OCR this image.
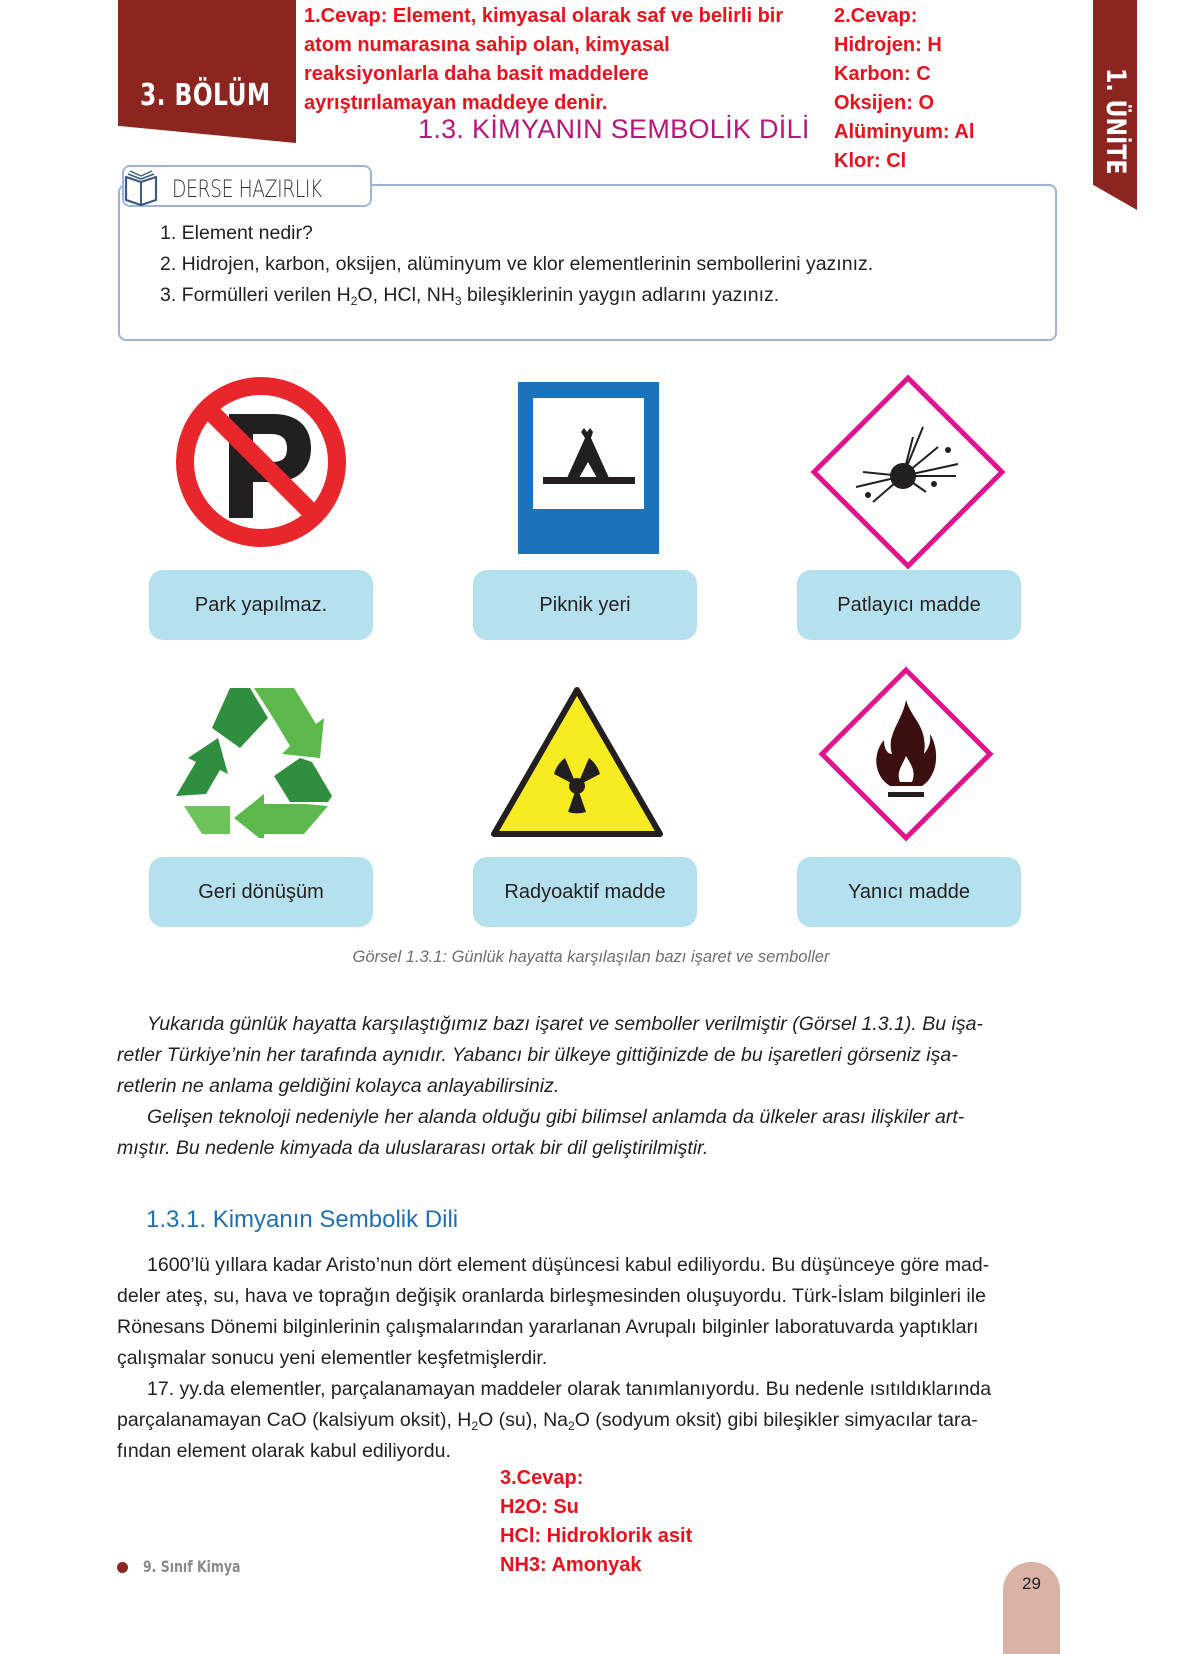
3. BÖLÜM	1. ÜNİTE
1.Cevap: Element, kimyasal olarak saf ve belirli bir
atom numarasına sahip olan, kimyasal
reaksiyonlarla daha basit maddelere
ayrıştırılamayan maddeye denir.
2.Cevap:
Hidrojen: H
Karbon: C
Oksijen: O
Alüminyum: Al
Klor: Cl
1.3. KİMYANIN SEMBOLİK DİLİ
DERSE HAZIRLIK
1. Element nedir?
2. Hidrojen, karbon, oksijen, alüminyum ve klor elementlerinin sembollerini yazınız.
3. Formülleri verilen $H_2O$, HCl, $NH_3$ bileşiklerinin yaygın adlarını yazınız.
Park yapılmaz.	Piknik yeri	Patlayıcı madde
Geri dönüşüm	Radyoaktif madde	Yanıcı madde
Görsel 1.3.1: Günlük hayatta karşılaşılan bazı işaret ve semboller
Yukarıda günlük hayatta karşılaştığımız bazı işaret ve semboller verilmiştir (Görsel 1.3.1). Bu işa-
retler Türkiye’nin her tarafında aynıdır. Yabancı bir ülkeye gittiğinizde de bu işaretleri görseniz işa-
retlerin ne anlama geldiğini kolayca anlayabilirsiniz.
Gelişen teknoloji nedeniyle her alanda olduğu gibi bilimsel anlamda da ülkeler arası ilişkiler art-
mıştır. Bu nedenle kimyada da uluslararası ortak bir dil geliştirilmiştir.
1.3.1. Kimyanın Sembolik Dili
1600’lü yıllara kadar Aristo’nun dört element düşüncesi kabul ediliyordu. Bu düşünceye göre mad-
deler ateş, su, hava ve toprağın değişik oranlarda birleşmesinden oluşuyordu. Türk-İslam bilginleri ile
Rönesans Dönemi bilginlerinin çalışmalarından yararlanan Avrupalı bilginler laboratuvarda yaptıkları
çalışmalar sonucu yeni elementler keşfetmişlerdir.
17. yy.da elementler, parçalanamayan maddeler olarak tanımlanıyordu. Bu nedenle ısıtıldıklarında
parçalanamayan CaO (kalsiyum oksit), $H_2O$ (su), $Na_2O$ (sodyum oksit) gibi bileşikler simyacılar tara-
fından element olarak kabul ediliyordu.
3.Cevap:
H2O: Su
HCl: Hidroklorik asit
NH3: Amonyak
9. Sınıf Kimya
29
